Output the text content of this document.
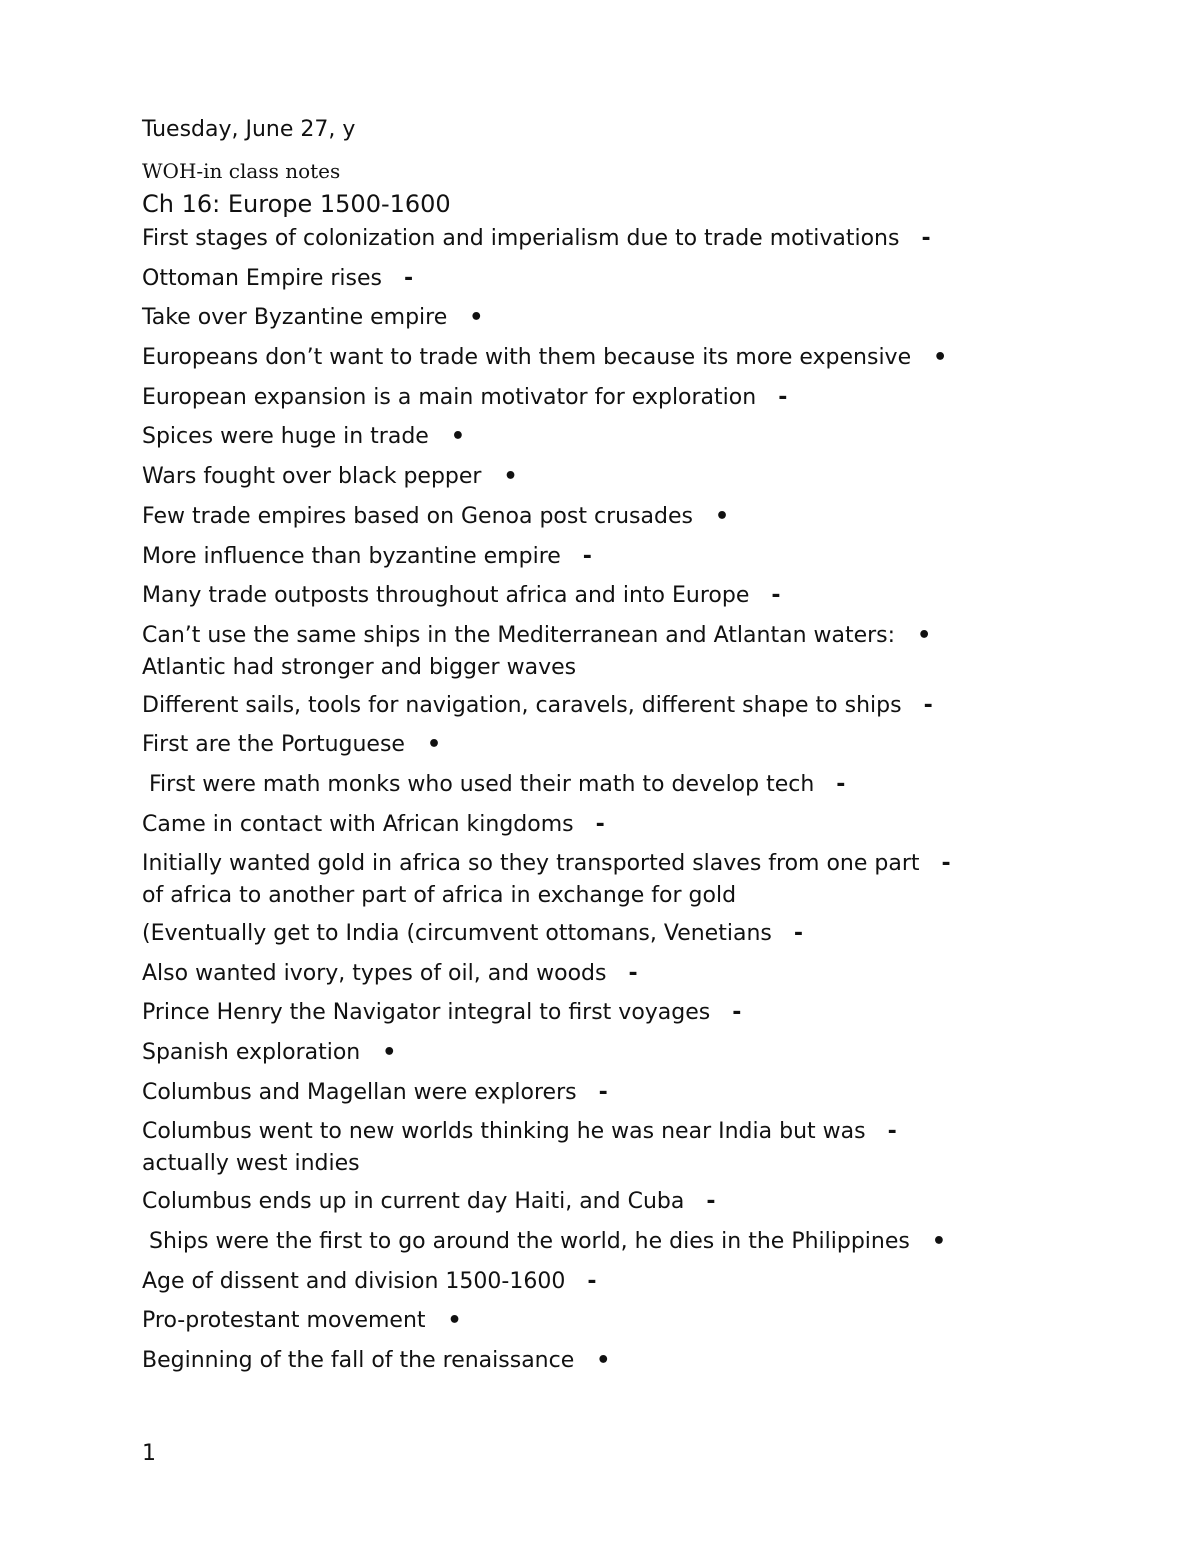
Tuesday, June 27, y
WOH-in class notes
Ch 16: Europe 1500-1600
First stages of colonization and imperialism due to trade motivations -
Ottoman Empire rises -
Take over Byzantine empire •
Europeans don’t want to trade with them because its more expensive •
European expansion is a main motivator for exploration -
Spices were huge in trade •
Wars fought over black pepper •
Few trade empires based on Genoa post crusades •
More influence than byzantine empire -
Many trade outposts throughout africa and into Europe -
Can’t use the same ships in the Mediterranean and Atlantan waters: •
Atlantic had stronger and bigger waves
Different sails, tools for navigation, caravels, different shape to ships -
First are the Portuguese •
First were math monks who used their math to develop tech -
Came in contact with African kingdoms -
Initially wanted gold in africa so they transported slaves from one part -
of africa to another part of africa in exchange for gold
(Eventually get to India (circumvent ottomans, Venetians -
Also wanted ivory, types of oil, and woods -
Prince Henry the Navigator integral to first voyages -
Spanish exploration •
Columbus and Magellan were explorers -
Columbus went to new worlds thinking he was near India but was -
actually west indies
Columbus ends up in current day Haiti, and Cuba -
Ships were the first to go around the world, he dies in the Philippines •
Age of dissent and division 1500-1600 -
Pro-protestant movement •
Beginning of the fall of the renaissance •
1
